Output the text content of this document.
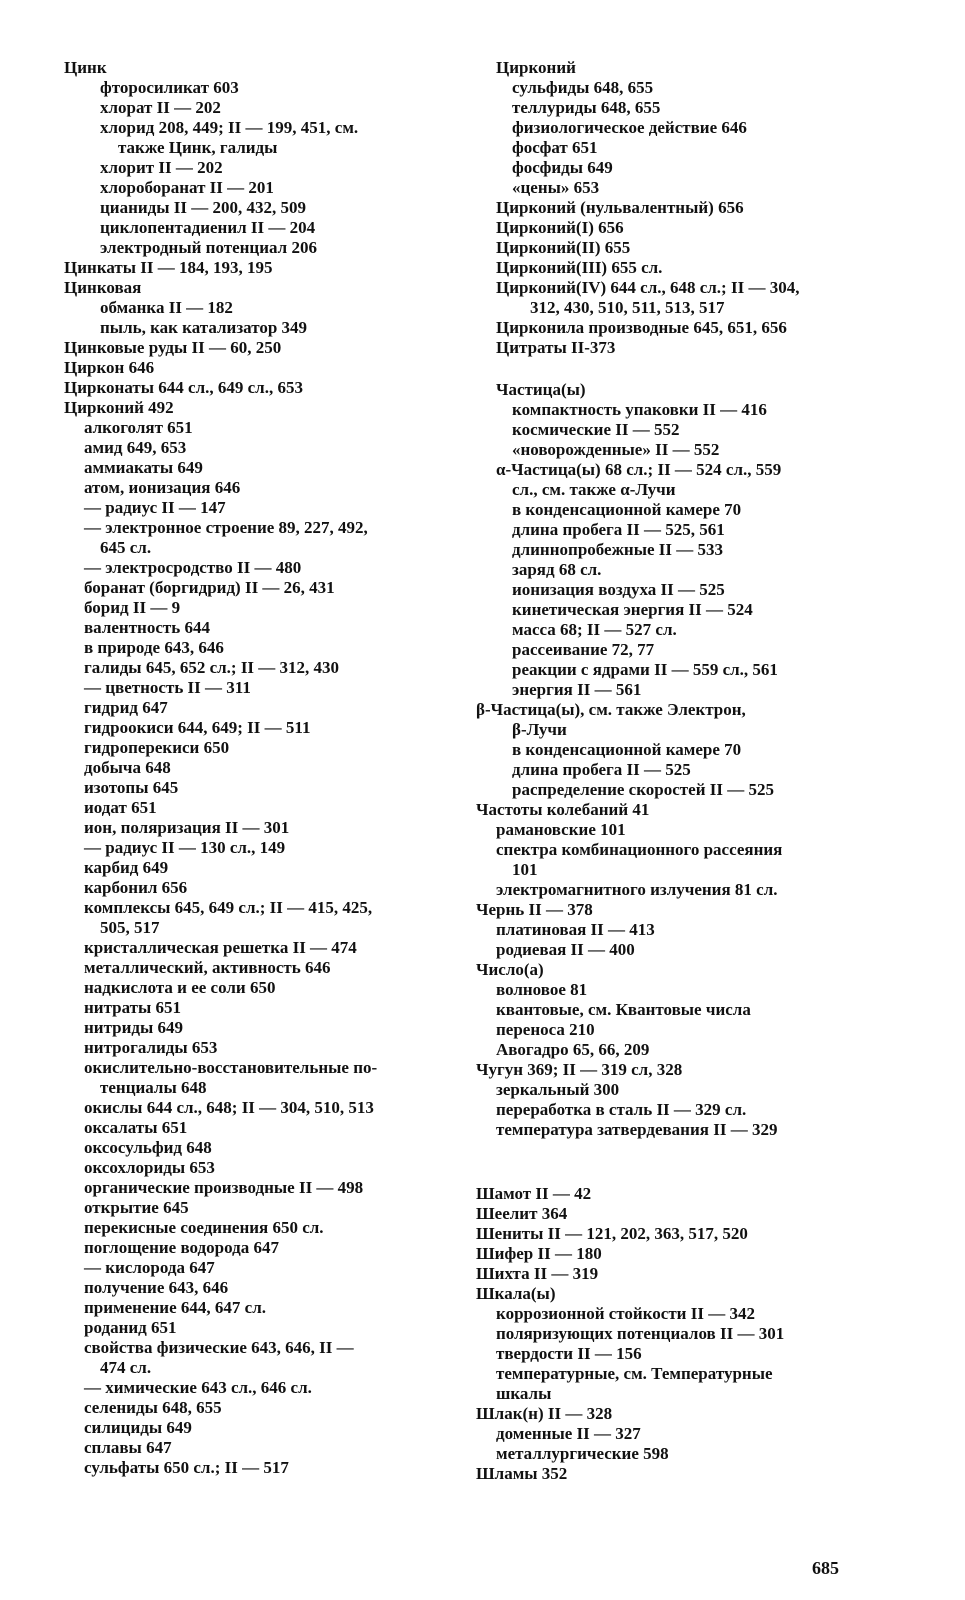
Цинк
фторосиликат 603
хлорат II — 202
хлорид 208, 449; II — 199, 451, см.
также Цинк, галиды
хлорит II — 202
хлороборанат II — 201
цианиды II — 200, 432, 509
циклопентадиенил II — 204
электродный потенциал 206
Цинкаты II — 184, 193, 195
Цинковая
обманка II — 182
пыль, как катализатор 349
Цинковые руды II — 60, 250
Циркон 646
Цирконаты 644 сл., 649 сл., 653
Цирконий 492
алкоголят 651
амид 649, 653
аммиакаты 649
атом, ионизация 646
— радиус II — 147
— электронное строение 89, 227, 492,
645 сл.
— электросродство II — 480
боранат (боргидрид) II — 26, 431
борид II — 9
валентность 644
в природе 643, 646
галиды 645, 652 сл.; II — 312, 430
— цветность II — 311
гидрид 647
гидроокиси 644, 649; II — 511
гидроперекиси 650
добыча 648
изотопы 645
иодат 651
ион, поляризация II — 301
— радиус II — 130 сл., 149
карбид 649
карбонил 656
комплексы 645, 649 сл.; II — 415, 425,
505, 517
кристаллическая решетка II — 474
металлический, активность 646
надкислота и ее соли 650
нитраты 651
нитриды 649
нитрогалиды 653
окислительно-восстановительные по-
тенциалы 648
окислы 644 сл., 648; II — 304, 510, 513
оксалаты 651
оксосульфид 648
оксохлориды 653
органические производные II — 498
открытие 645
перекисные соединения 650 сл.
поглощение водорода 647
— кислорода 647
получение 643, 646
применение 644, 647 сл.
роданид 651
свойства физические 643, 646, II —
474 сл.
— химические 643 сл., 646 сл.
селениды 648, 655
силициды 649
сплавы 647
сульфаты 650 сл.; II — 517
Цирконий
сульфиды 648, 655
теллуриды 648, 655
физиологическое действие 646
фосфат 651
фосфиды 649
«цены» 653
Цирконий (нульвалентный) 656
Цирконий(I) 656
Цирконий(II) 655
Цирконий(III) 655 сл.
Цирконий(IV) 644 сл., 648 сл.; II — 304,
312, 430, 510, 511, 513, 517
Цирконила производные 645, 651, 656
Цитраты II-373
Частица(ы)
компактность упаковки II — 416
космические II — 552
«новорожденные» II — 552
α-Частица(ы) 68 сл.; II — 524 сл., 559
сл., см. также α-Лучи
в конденсационной камере 70
длина пробега II — 525, 561
длиннопробежные II — 533
заряд 68 сл.
ионизация воздуха II — 525
кинетическая энергия II — 524
масса 68; II — 527 сл.
рассеивание 72, 77
реакции с ядрами II — 559 сл., 561
энергия II — 561
β-Частица(ы), см. также Электрон,
β-Лучи
в конденсационной камере 70
длина пробега II — 525
распределение скоростей II — 525
Частоты колебаний 41
рамановские 101
спектра комбинационного рассеяния
101
электромагнитного излучения 81 сл.
Чернь II — 378
платиновая II — 413
родиевая II — 400
Число(а)
волновое 81
квантовые, см. Квантовые числа
переноса 210
Авогадро 65, 66, 209
Чугун 369; II — 319 сл, 328
зеркальный 300
переработка в сталь II — 329 сл.
температура затвердевания II — 329
Шамот II — 42
Шеелит 364
Шениты II — 121, 202, 363, 517, 520
Шифер II — 180
Шихта II — 319
Шкала(ы)
коррозионной стойкости II — 342
поляризующих потенциалов II — 301
твердости II — 156
температурные, см. Температурные
шкалы
Шлак(н) II — 328
доменные II — 327
металлургические 598
Шламы 352
685
